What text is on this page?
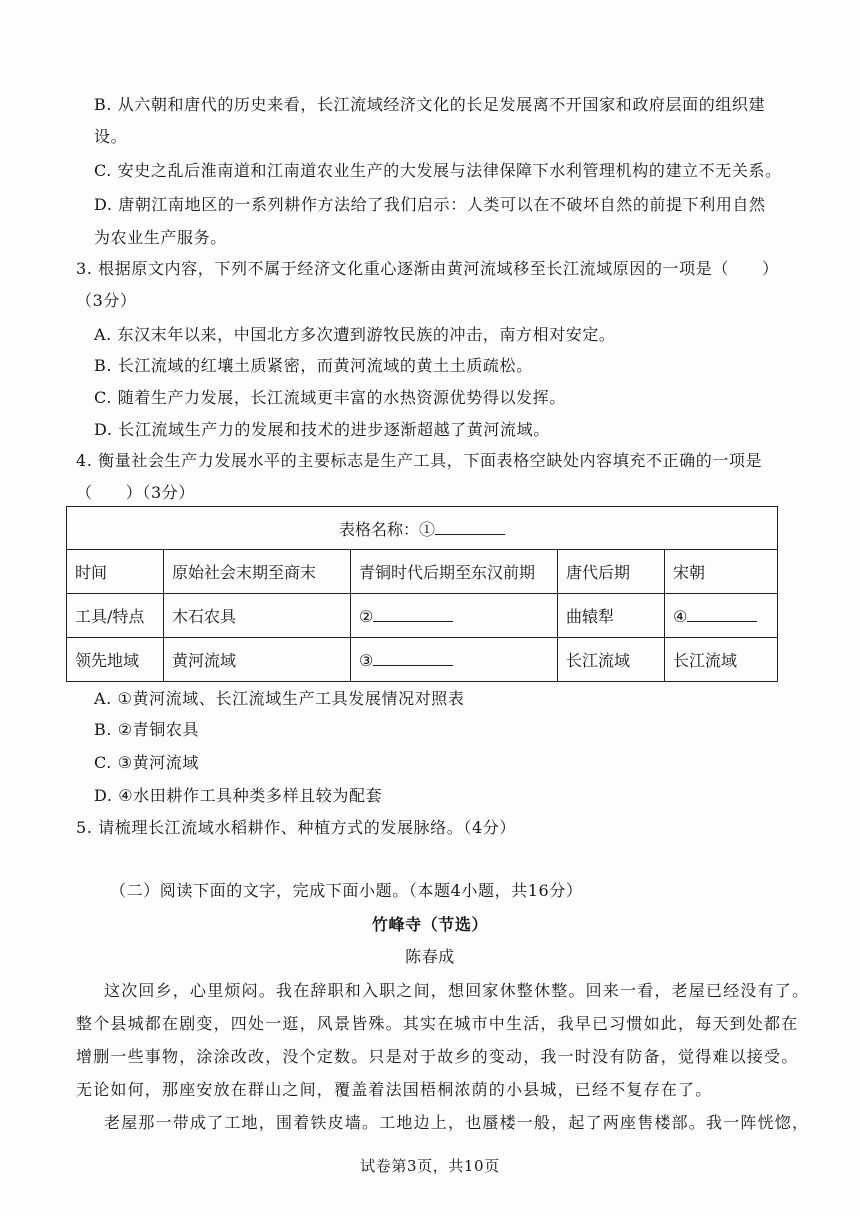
B. 从六朝和唐代的历史来看，长江流域经济文化的长足发展离不开国家和政府层面的组织建
设。
C. 安史之乱后淮南道和江南道农业生产的大发展与法律保障下水利管理机构的建立不无关系。
D. 唐朝江南地区的一系列耕作方法给了我们启示：人类可以在不破坏自然的前提下利用自然
为农业生产服务。
3. 根据原文内容，下列不属于经济文化重心逐渐由黄河流域移至长江流域原因的一项是（　　）
（3分）
A. 东汉末年以来，中国北方多次遭到游牧民族的冲击，南方相对安定。
B. 长江流域的红壤土质紧密，而黄河流域的黄土土质疏松。
C. 随着生产力发展，长江流域更丰富的水热资源优势得以发挥。
D. 长江流域生产力的发展和技术的进步逐渐超越了黄河流域。
4. 衡量社会生产力发展水平的主要标志是生产工具，下面表格空缺处内容填充不正确的一项是
（　　）（3分）
表格名称：①				
时间	原始社会末期至商末	青铜时代后期至东汉前期	唐代后期	宋朝
工具/特点	木石农具	②	曲辕犁	④
领先地域	黄河流域	③	长江流域	长江流域
A. ①黄河流域、长江流域生产工具发展情况对照表
B. ②青铜农具
C. ③黄河流域
D. ④水田耕作工具种类多样且较为配套
5. 请梳理长江流域水稻耕作、种植方式的发展脉络。（4分）
（二）阅读下面的文字，完成下面小题。（本题4小题，共16分）
竹峰寺（节选）
陈春成
这次回乡，心里烦闷。我在辞职和入职之间，想回家休整休整。回来一看，老屋已经没有了。
整个县城都在剧变，四处一逛，风景皆殊。其实在城市中生活，我早已习惯如此，每天到处都在
增删一些事物，涂涂改改，没个定数。只是对于故乡的变动，我一时没有防备，觉得难以接受。
无论如何，那座安放在群山之间，覆盖着法国梧桐浓荫的小县城，已经不复存在了。
老屋那一带成了工地，围着铁皮墙。工地边上，也蜃楼一般，起了两座售楼部。我一阵恍惚，
试卷第3页，共10页
